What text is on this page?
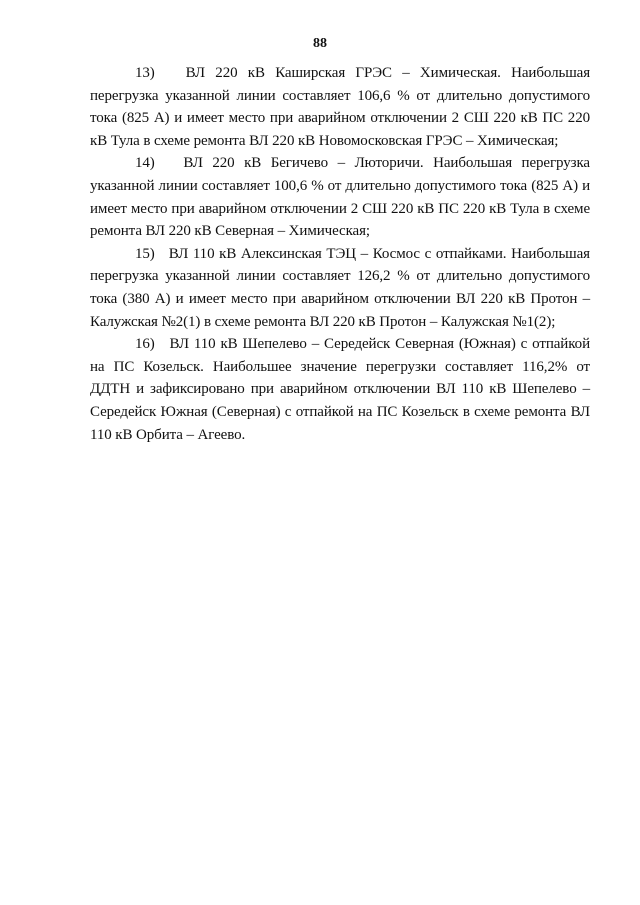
88

13)   ВЛ 220 кВ Каширская ГРЭС – Химическая. Наибольшая перегрузка указанной линии составляет 106,6 % от длительно допустимого тока (825 А) и имеет место при аварийном отключении 2 СШ 220 кВ ПС 220 кВ Тула в схеме ремонта ВЛ 220 кВ Новомосковская ГРЭС – Химическая;

14)   ВЛ 220 кВ Бегичево – Люторичи. Наибольшая перегрузка указанной линии составляет 100,6 % от длительно допустимого тока (825 А) и имеет место при аварийном отключении 2 СШ 220 кВ ПС 220 кВ Тула в схеме ремонта ВЛ 220 кВ Северная – Химическая;

15)   ВЛ 110 кВ Алексинская ТЭЦ – Космос с отпайками. Наибольшая перегрузка указанной линии составляет 126,2 % от длительно допустимого тока (380 А) и имеет место при аварийном отключении ВЛ 220 кВ Протон – Калужская №2(1) в схеме ремонта ВЛ 220 кВ Протон – Калужская №1(2);

16)   ВЛ 110 кВ Шепелево – Середейск Северная (Южная) с отпайкой на ПС Козельск. Наибольшее значение перегрузки составляет 116,2% от ДДТН и зафиксировано при аварийном отключении ВЛ 110 кВ Шепелево – Середейск Южная (Северная) с отпайкой на ПС Козельск в схеме ремонта ВЛ 110 кВ Орбита – Агеево.
